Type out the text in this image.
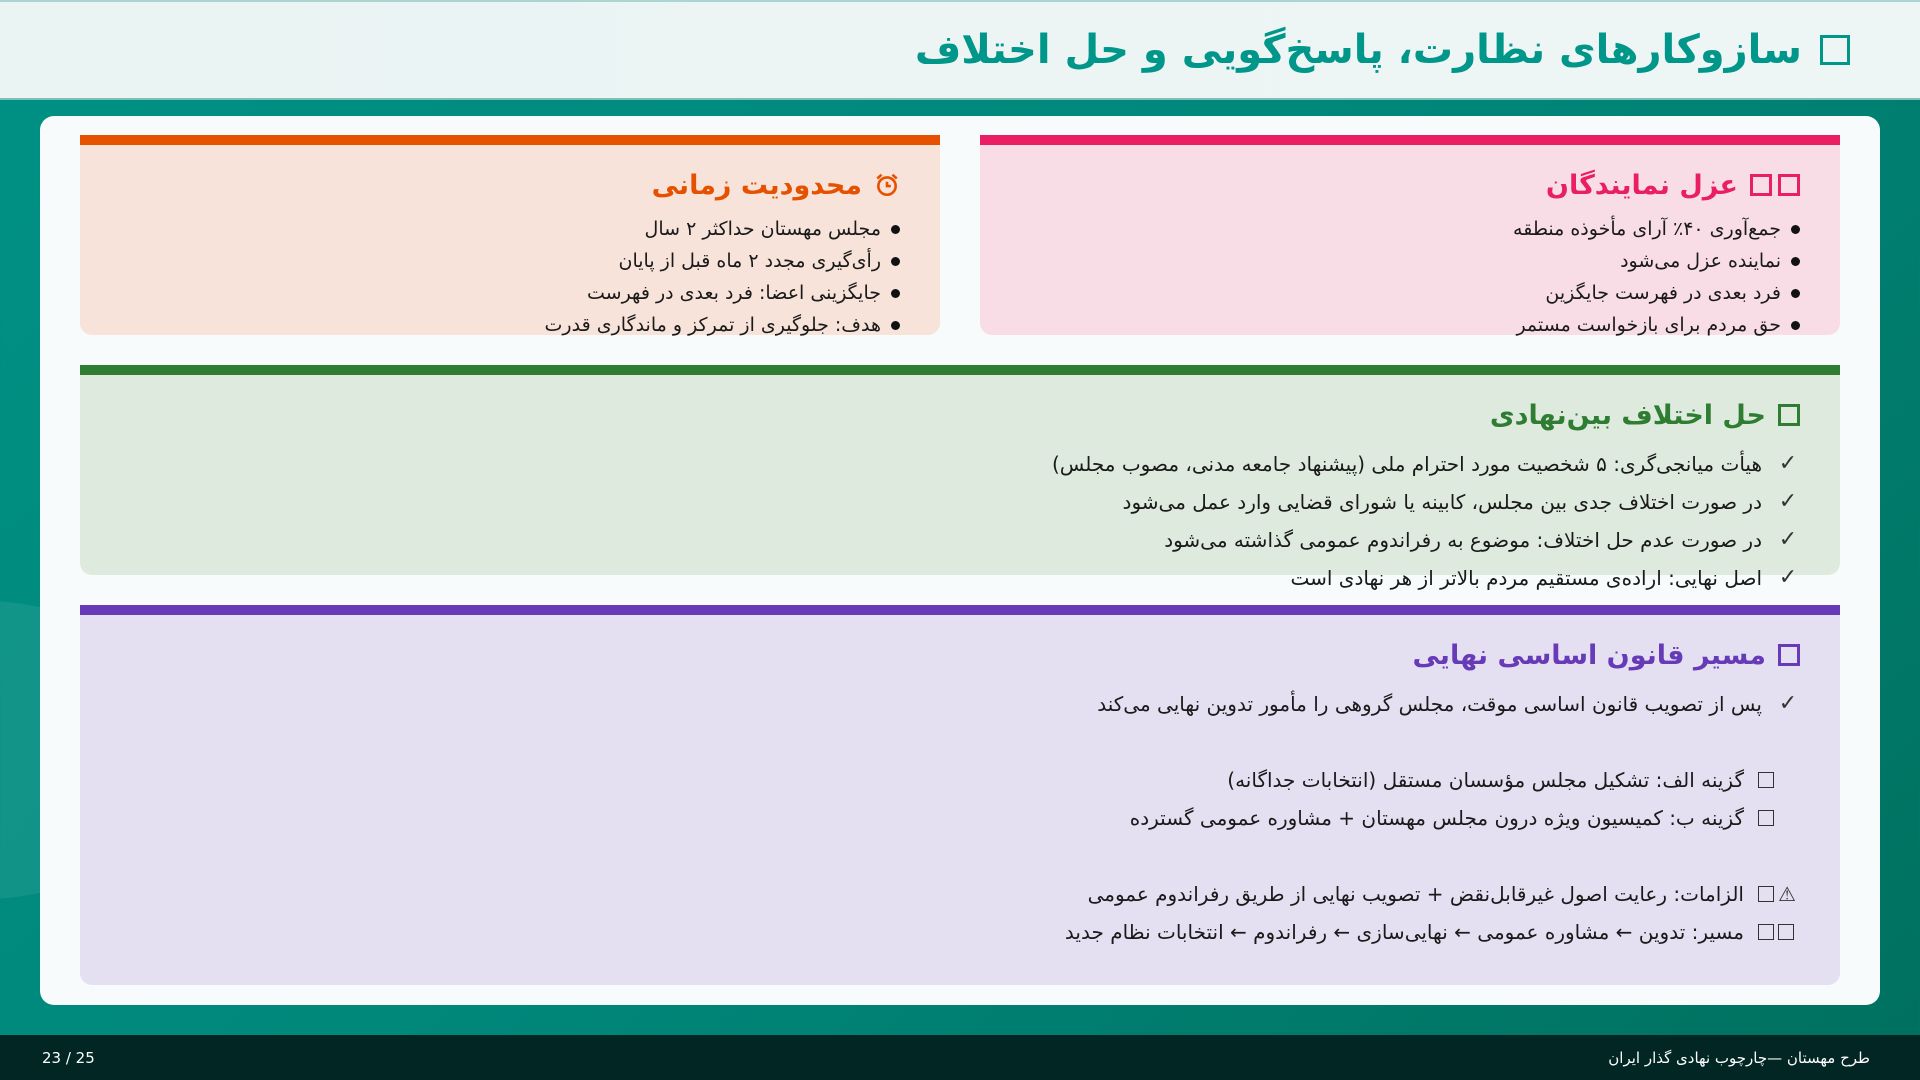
سازوکارهای نظارت، پاسخ‌گویی و حل اختلاف
عزل نمایندگان
جمع‌آوری ۴۰٪ آرای مأخوذه منطقه
نماینده عزل می‌شود
فرد بعدی در فهرست جایگزین
حق مردم برای بازخواست مستمر
محدودیت زمانی
مجلس مهستان حداکثر ۲ سال
رأی‌گیری مجدد ۲ ماه قبل از پایان
جایگزینی اعضا: فرد بعدی در فهرست
هدف: جلوگیری از تمرکز و ماندگاری قدرت
حل اختلاف بین‌نهادی
✓
هیأت میانجی‌گری: ۵ شخصیت مورد احترام ملی (پیشنهاد جامعه مدنی، مصوب مجلس)
✓
در صورت اختلاف جدی بین مجلس، کابینه یا شورای قضایی وارد عمل می‌شود
✓
در صورت عدم حل اختلاف: موضوع به رفراندوم عمومی گذاشته می‌شود
✓
اصل نهایی: اراده‌ی مستقیم مردم بالاتر از هر نهادی است
مسیر قانون اساسی نهایی
✓
پس از تصویب قانون اساسی موقت، مجلس گروهی را مأمور تدوین نهایی می‌کند
گزینه الف: تشکیل مجلس مؤسسان مستقل (انتخابات جداگانه)
گزینه ب: کمیسیون ویژه درون مجلس مهستان + مشاوره عمومی گسترده
⚠
الزامات: رعایت اصول غیرقابل‌نقض + تصویب نهایی از طریق رفراندوم عمومی
مسیر: تدوین ← مشاوره عمومی ← نهایی‌سازی ← رفراندوم ← انتخابات نظام جدید
طرح مهستان —چارچوب نهادی گذار ایران
23 / 25
